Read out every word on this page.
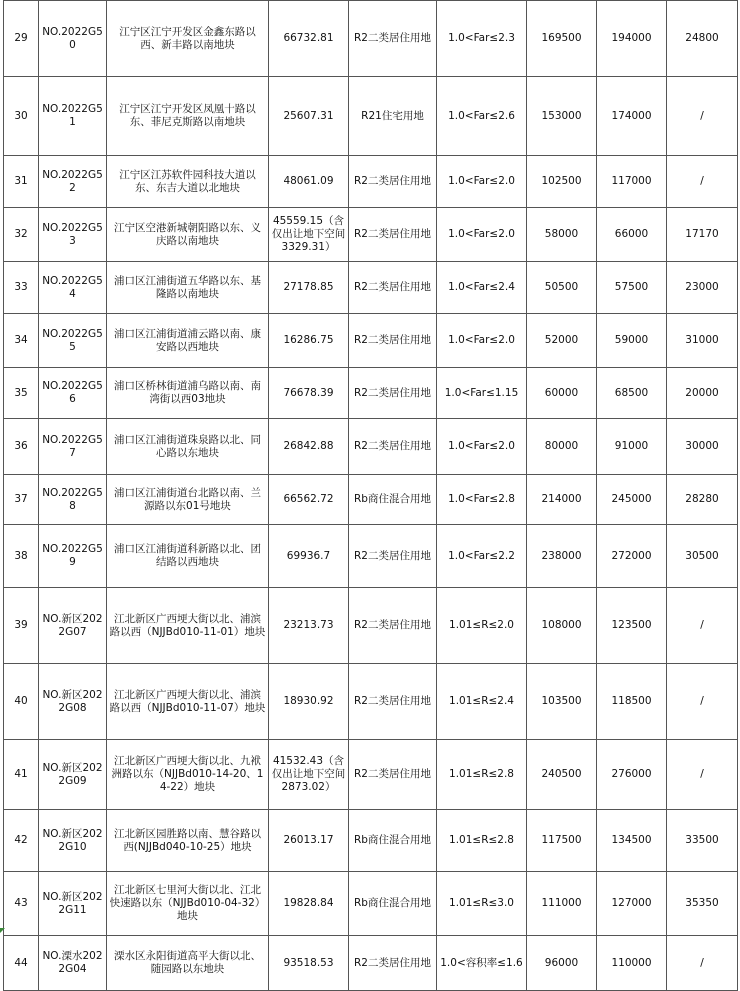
29	NO.2022G50	江宁区江宁开发区金鑫东路以西、新丰路以南地块	66732.81	R2二类居住用地	1.0<Far≤2.3	169500	194000	24800
30	NO.2022G51	江宁区江宁开发区凤凰十路以东、菲尼克斯路以南地块	25607.31	R21住宅用地	1.0<Far≤2.6	153000	174000	/
31	NO.2022G52	江宁区江苏软件园科技大道以东、东吉大道以北地块	48061.09	R2二类居住用地	1.0<Far≤2.0	102500	117000	/
32	NO.2022G53	江宁区空港新城朝阳路以东、义庆路以南地块	45559.15（含仅出让地下空间3329.31）	R2二类居住用地	1.0<Far≤2.0	58000	66000	17170
33	NO.2022G54	浦口区江浦街道五华路以东、基隆路以南地块	27178.85	R2二类居住用地	1.0<Far≤2.4	50500	57500	23000
34	NO.2022G55	浦口区江浦街道浦云路以南、康安路以西地块	16286.75	R2二类居住用地	1.0<Far≤2.0	52000	59000	31000
35	NO.2022G56	浦口区桥林街道浦乌路以南、南湾街以西03地块	76678.39	R2二类居住用地	1.0<Far≤1.15	60000	68500	20000
36	NO.2022G57	浦口区江浦街道珠泉路以北、同心路以东地块	26842.88	R2二类居住用地	1.0<Far≤2.0	80000	91000	30000
37	NO.2022G58	浦口区江浦街道台北路以南、兰源路以东01号地块	66562.72	Rb商住混合用地	1.0<Far≤2.8	214000	245000	28280
38	NO.2022G59	浦口区江浦街道科新路以北、团结路以西地块	69936.7	R2二类居住用地	1.0<Far≤2.2	238000	272000	30500
39	NO.新区2022G07	江北新区广西埂大街以北、浦滨路以西（NJJBd010-11-01）地块	23213.73	R2二类居住用地	1.01≤R≤2.0	108000	123500	/
40	NO.新区2022G08	江北新区广西埂大街以北、浦滨路以西（NJJBd010-11-07）地块	18930.92	R2二类居住用地	1.01≤R≤2.4	103500	118500	/
41	NO.新区2022G09	江北新区广西埂大街以北、九袱洲路以东（NJJBd010-14-20、14-22）地块	41532.43（含仅出让地下空间2873.02）	R2二类居住用地	1.01≤R≤2.8	240500	276000	/
42	NO.新区2022G10	江北新区园胜路以南、慧谷路以西(NJJBd040-10-25）地块	26013.17	Rb商住混合用地	1.01≤R≤2.8	117500	134500	33500
43	NO.新区2022G11	江北新区七里河大街以北、江北快速路以东（NJJBd010-04-32）地块	19828.84	Rb商住混合用地	1.01≤R≤3.0	111000	127000	35350
44	NO.溧水2022G04	溧水区永阳街道高平大街以北、随园路以东地块	93518.53	R2二类居住用地	1.0<容积率≤1.6	96000	110000	/
